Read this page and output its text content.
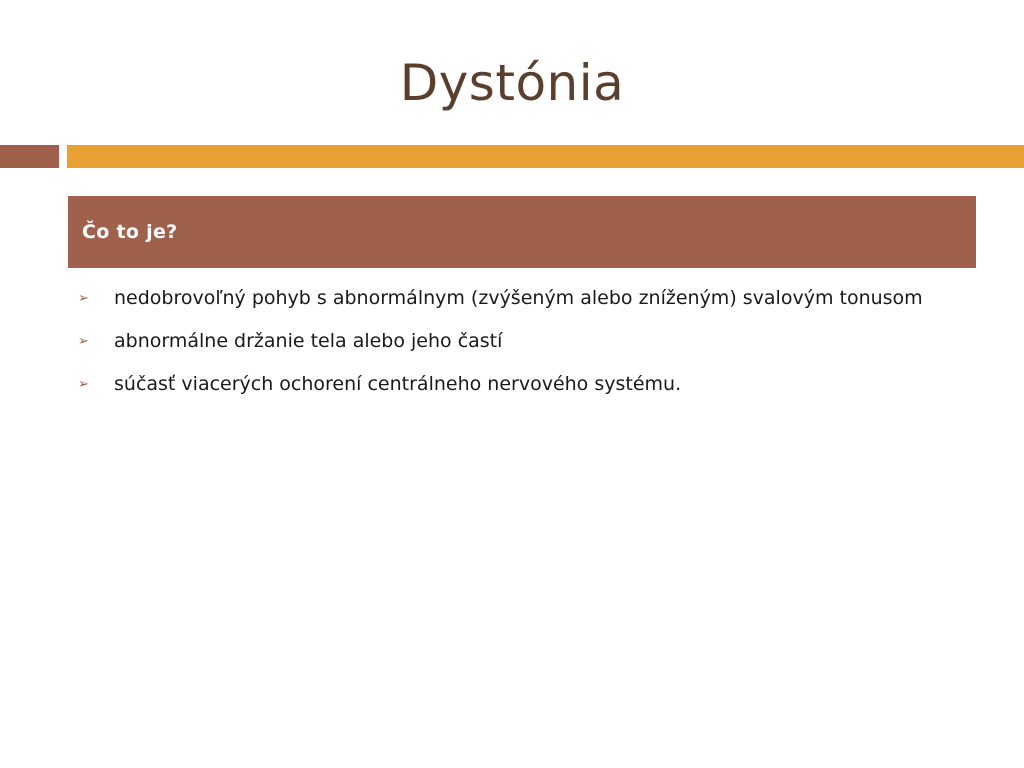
Dystónia
Čo to je?
➢ nedobrovoľný pohyb s abnormálnym (zvýšeným alebo zníženým) svalovým tonusom
➢ abnormálne držanie tela alebo jeho častí
➢ súčasť viacerých ochorení centrálneho nervového systému.
